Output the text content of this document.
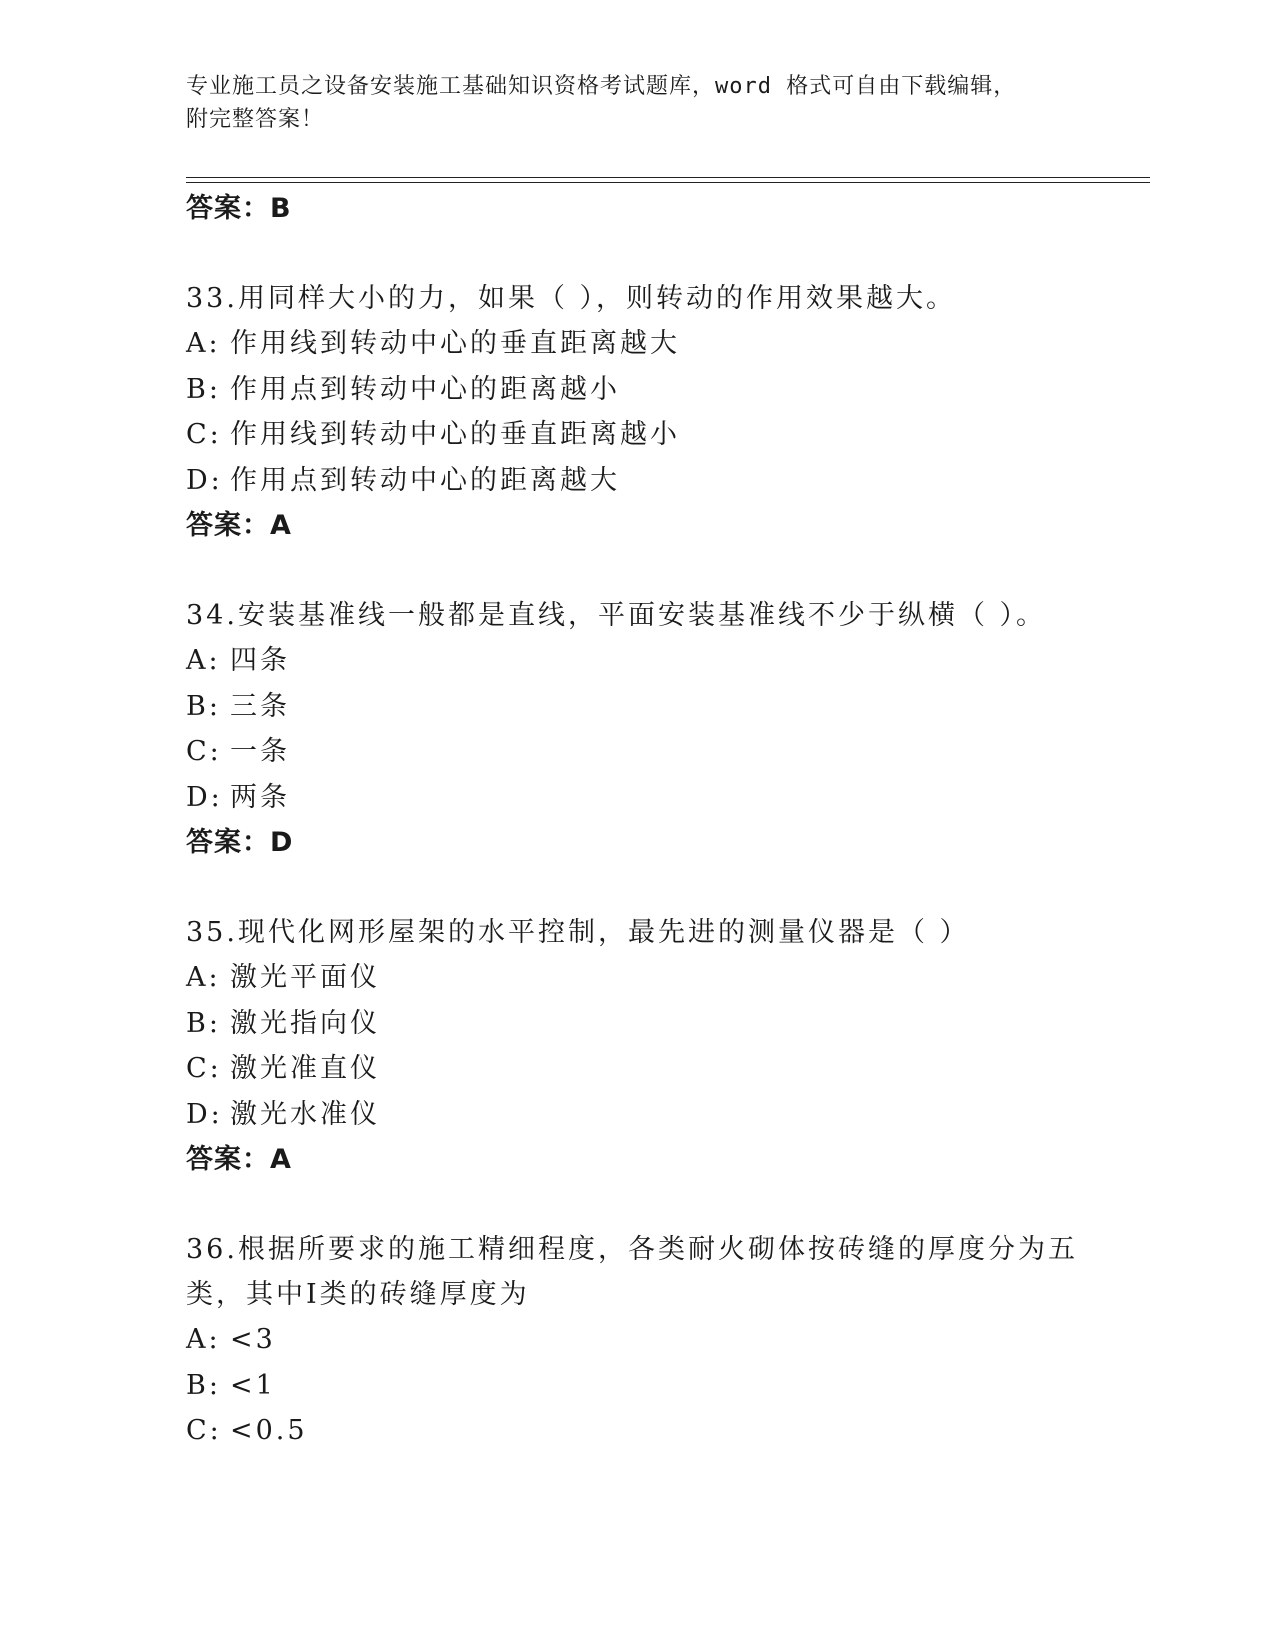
专业施工员之设备安装施工基础知识资格考试题库，word 格式可自由下载编辑，
附完整答案！
答案：B
33.用同样大小的力，如果（ ），则转动的作用效果越大。
A: 作用线到转动中心的垂直距离越大
B: 作用点到转动中心的距离越小
C: 作用线到转动中心的垂直距离越小
D: 作用点到转动中心的距离越大
答案：A
34.安装基准线一般都是直线，平面安装基准线不少于纵横（ ）。
A: 四条
B: 三条
C: 一条
D: 两条
答案：D
35.现代化网形屋架的水平控制，最先进的测量仪器是（ ）
A: 激光平面仪
B: 激光指向仪
C: 激光准直仪
D: 激光水准仪
答案：A
36.根据所要求的施工精细程度，各类耐火砌体按砖缝的厚度分为五类，其中Ⅰ类的砖缝厚度为
A: <3
B: <1
C: <0.5
